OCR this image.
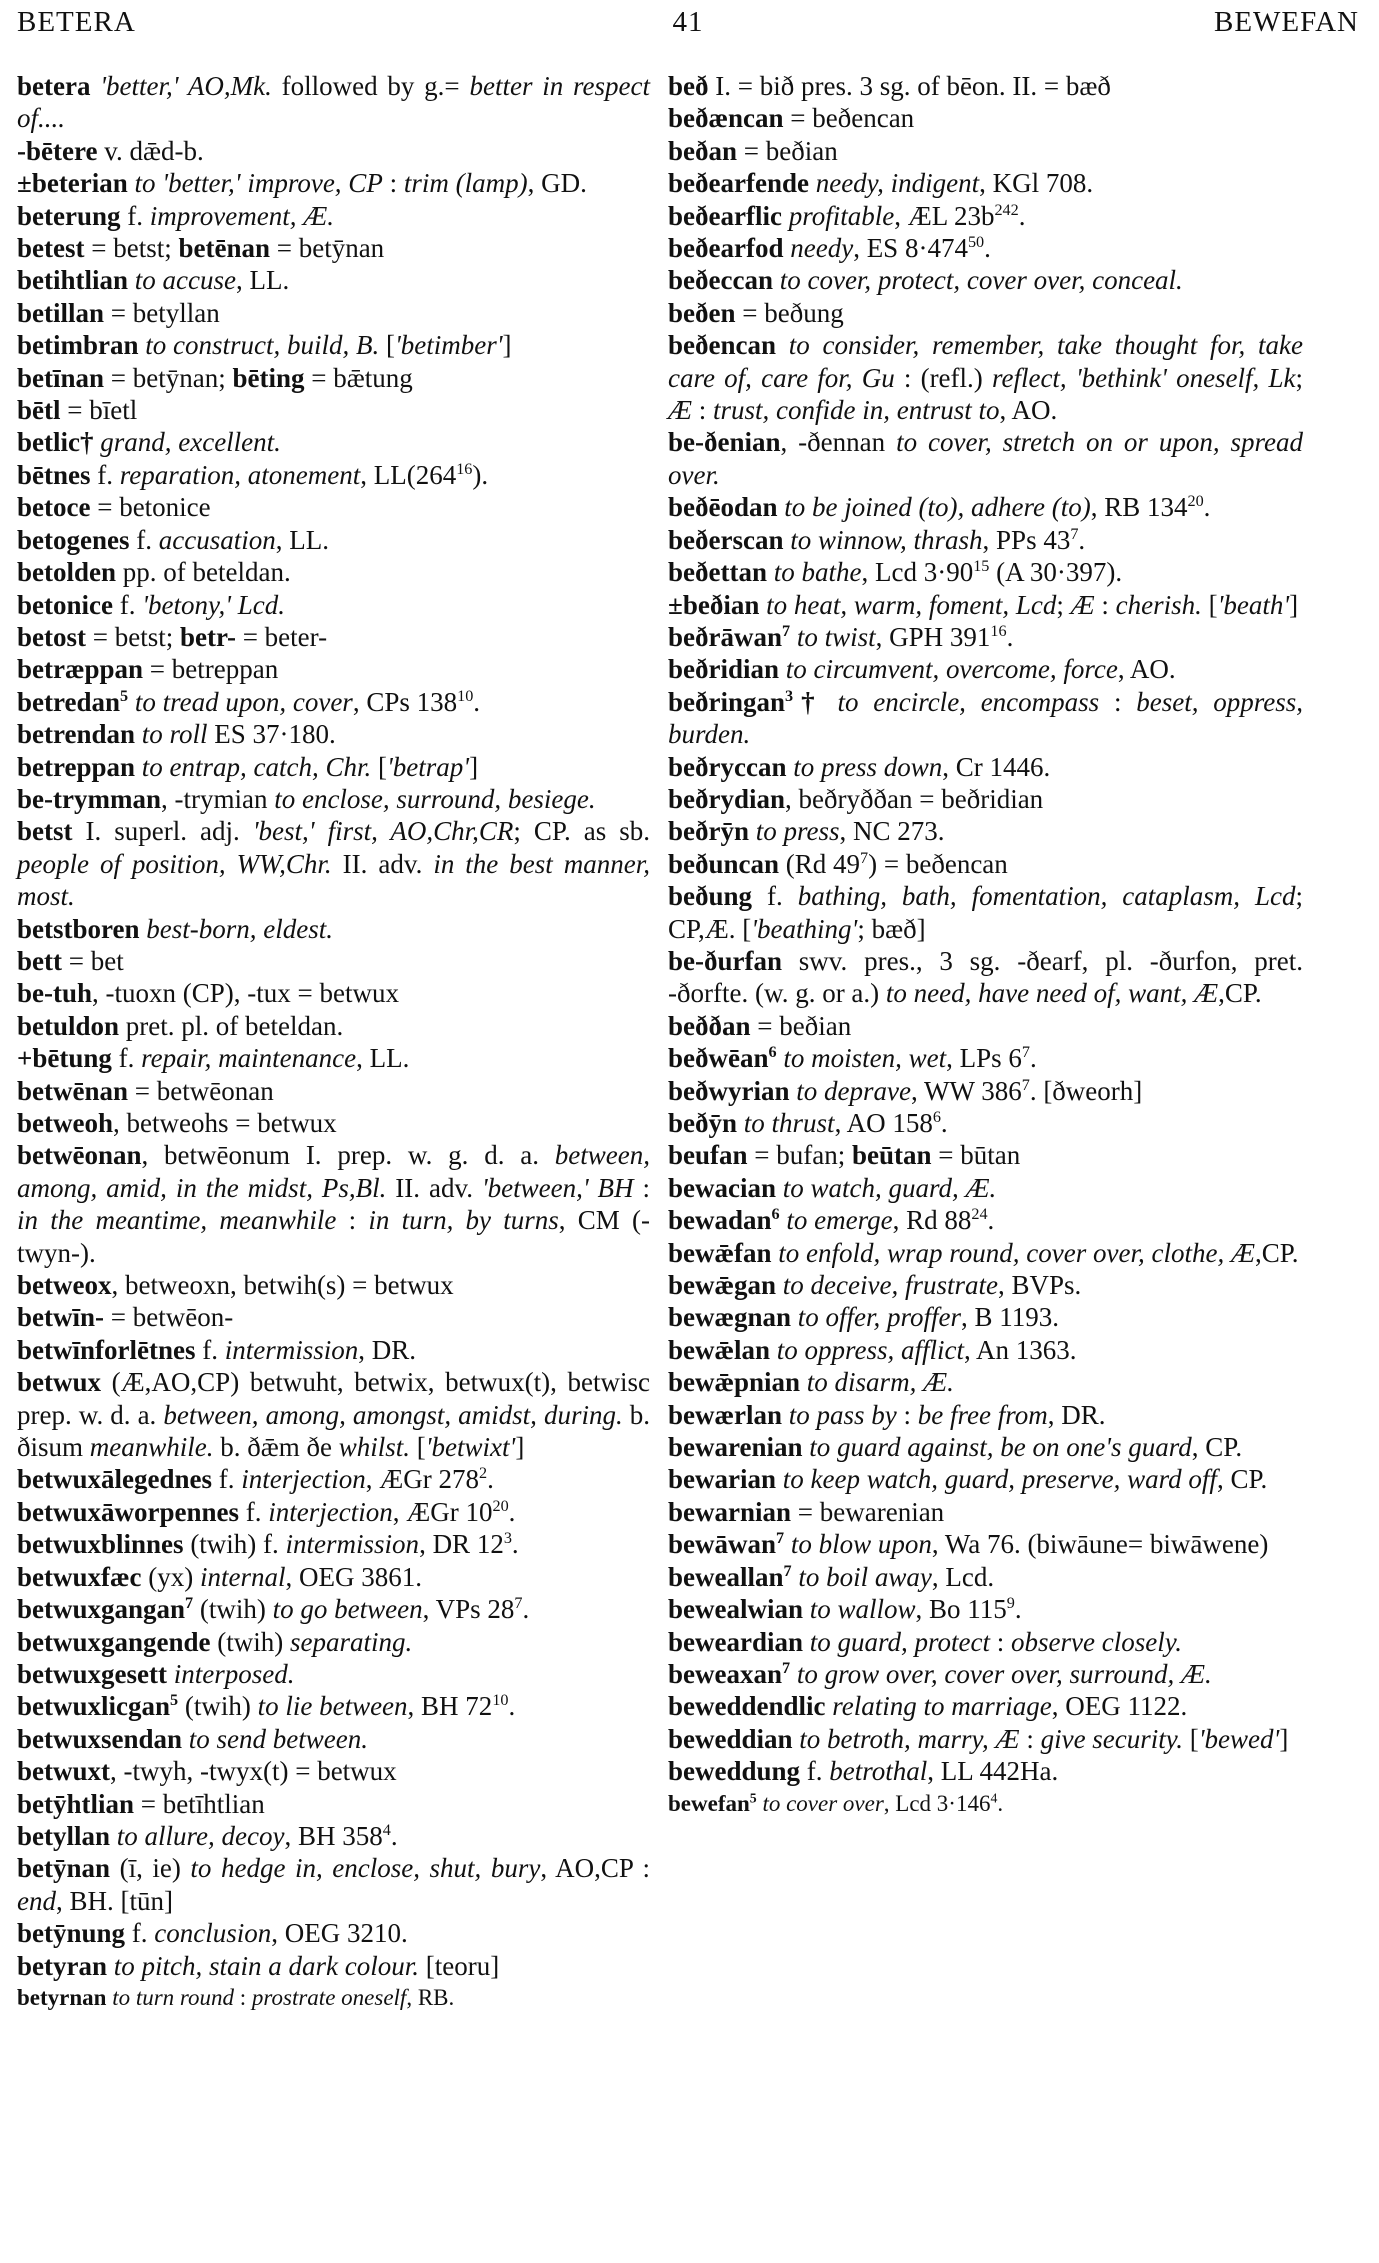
BETERA	41	BEWEFAN

betera 'better,' AO,Mk. followed by g.= better in respect of....

-bētere v. dǣd-b.

±beterian to 'better,' improve, CP : trim (lamp), GD.

beterung f. improvement, Æ.

betest = betst; betēnan = betȳnan

betihtlian to accuse, LL.

betillan = betyllan

betimbran to construct, build, B. ['betimber']

betīnan = betȳnan; bēting = bǣtung

bētl = bīetl

betlic† grand, excellent.

bētnes f. reparation, atonement, $LL(264^{16})$.

betoce = betonice

betogenes f. accusation, LL.

betolden pp. of beteldan.

betonice f. 'betony,' Lcd.

betost = betst; betr- = beter-

betræppan = betreppan

betredan$^5$ to tread upon, cover, CPs $138^{10}$.

betrendan to roll ES 37·180.

betreppan to entrap, catch, Chr. ['betrap']

be-trymman, -trymian to enclose, surround, besiege.

betst I. superl. adj. 'best,' first, AO,Chr,CR; CP. as sb. people of position, WW,Chr. II. adv. in the best manner, most.

betstboren best-born, eldest.

bett = bet

be-tuh, -tuoxn (CP), -tux = betwux

betuldon pret. pl. of beteldan.

+bētung f. repair, maintenance, LL.

betwēnan = betwēonan

betweoh, betweohs = betwux

betwēonan, betwēonum I. prep. w. g. d. a. between, among, amid, in the midst, Ps,Bl. II. adv. 'between,' BH : in the meantime, meanwhile : in turn, by turns, CM (-twyn-).

betweox, betweoxn, betwih(s) = betwux

betwīn- = betwēon-

betwīnforlētnes f. intermission, DR.

betwux (Æ,AO,CP) betwuht, betwix, betwux(t), betwisc prep. w. d. a. between, among, amongst, amidst, during. b. ðisum meanwhile. b. ðǣm ðe whilst. ['betwixt']

betwuxālegednes f. interjection, ÆGr $278^2$.

betwuxāworpennes f. interjection, ÆGr $10^{20}$.

betwuxblinnes (twih) f. intermission, DR $12^3$.

betwuxfæc (yx) internal, OEG 3861.

betwuxgangan$^7$ (twih) to go between, VPs $28^7$.

betwuxgangende (twih) separating.

betwuxgesett interposed.

betwuxlicgan$^5$ (twih) to lie between, BH $72^{10}$.

betwuxsendan to send between.

betwuxt, -twyh, -twyx(t) = betwux

betȳhtlian = betīhtlian

betyllan to allure, decoy, BH $358^4$.

betȳnan (ī, ie) to hedge in, enclose, shut, bury, AO,CP : end, BH. [tūn]

betȳnung f. conclusion, OEG 3210.

betyran to pitch, stain a dark colour. [teoru]

betyrnan to turn round : prostrate oneself, RB.

beð I. = bið pres. 3 sg. of bēon. II. = bæð

beðæncan = beðencan

beðan = beðian

beðearfende needy, indigent, KGl 708.

beðearflic profitable, ÆL $23b^{242}$.

beðearfod needy, ES $8\cdot 474^{50}$.

beðeccan to cover, protect, cover over, conceal.

beðen = beðung

beðencan to consider, remember, take thought for, take care of, care for, Gu : (refl.) reflect, 'bethink' oneself, Lk; Æ : trust, confide in, entrust to, AO.

be-ðenian, -ðennan to cover, stretch on or upon, spread over.

beðēodan to be joined (to), adhere (to), RB $134^{20}$.

beðerscan to winnow, thrash, PPs $43^7$.

beðettan to bathe, Lcd $3\cdot 90^{15}$ (A 30·397).

±beðian to heat, warm, foment, Lcd; Æ : cherish. ['beath']

beðrāwan$^7$ to twist, GPH $391^{16}$.

beðridian to circumvent, overcome, force, AO.

beðringan$^3$† to encircle, encompass : beset, oppress, burden.

beðryccan to press down, Cr 1446.

beðrydian, beðryððan = beðridian

beðrȳn to press, NC 273.

beðuncan (Rd $49^7$) = beðencan

beðung f. bathing, bath, fomentation, cataplasm, Lcd; CP,Æ. ['beathing'; bæð]

be-ðurfan swv. pres., 3 sg. -ðearf, pl. -ðurfon, pret. -ðorfte. (w. g. or a.) to need, have need of, want, Æ,CP.

beððan = beðian

beðwēan$^6$ to moisten, wet, LPs $6^7$.

beðwyrian to deprave, WW $386^7$. [ðweorh]

beðȳn to thrust, AO $158^6$.

beufan = bufan; beūtan = būtan

bewacian to watch, guard, Æ.

bewadan$^6$ to emerge, Rd $88^{24}$.

bewǣfan to enfold, wrap round, cover over, clothe, Æ,CP.

bewǣgan to deceive, frustrate, BVPs.

bewægnan to offer, proffer, B 1193.

bewǣlan to oppress, afflict, An 1363.

bewǣpnian to disarm, Æ.

bewærlan to pass by : be free from, DR.

bewarenian to guard against, be on one's guard, CP.

bewarian to keep watch, guard, preserve, ward off, CP.

bewarnian = bewarenian

bewāwan$^7$ to blow upon, Wa 76. (biwāune= biwāwene)

beweallan$^7$ to boil away, Lcd.

bewealwian to wallow, Bo $115^9$.

beweardian to guard, protect : observe closely.

beweaxan$^7$ to grow over, cover over, surround, Æ.

beweddendlic relating to marriage, OEG 1122.

beweddian to betroth, marry, Æ : give security. ['bewed']

beweddung f. betrothal, LL 442Ha.

bewefan$^5$ to cover over, Lcd $3\cdot 146^4$.
